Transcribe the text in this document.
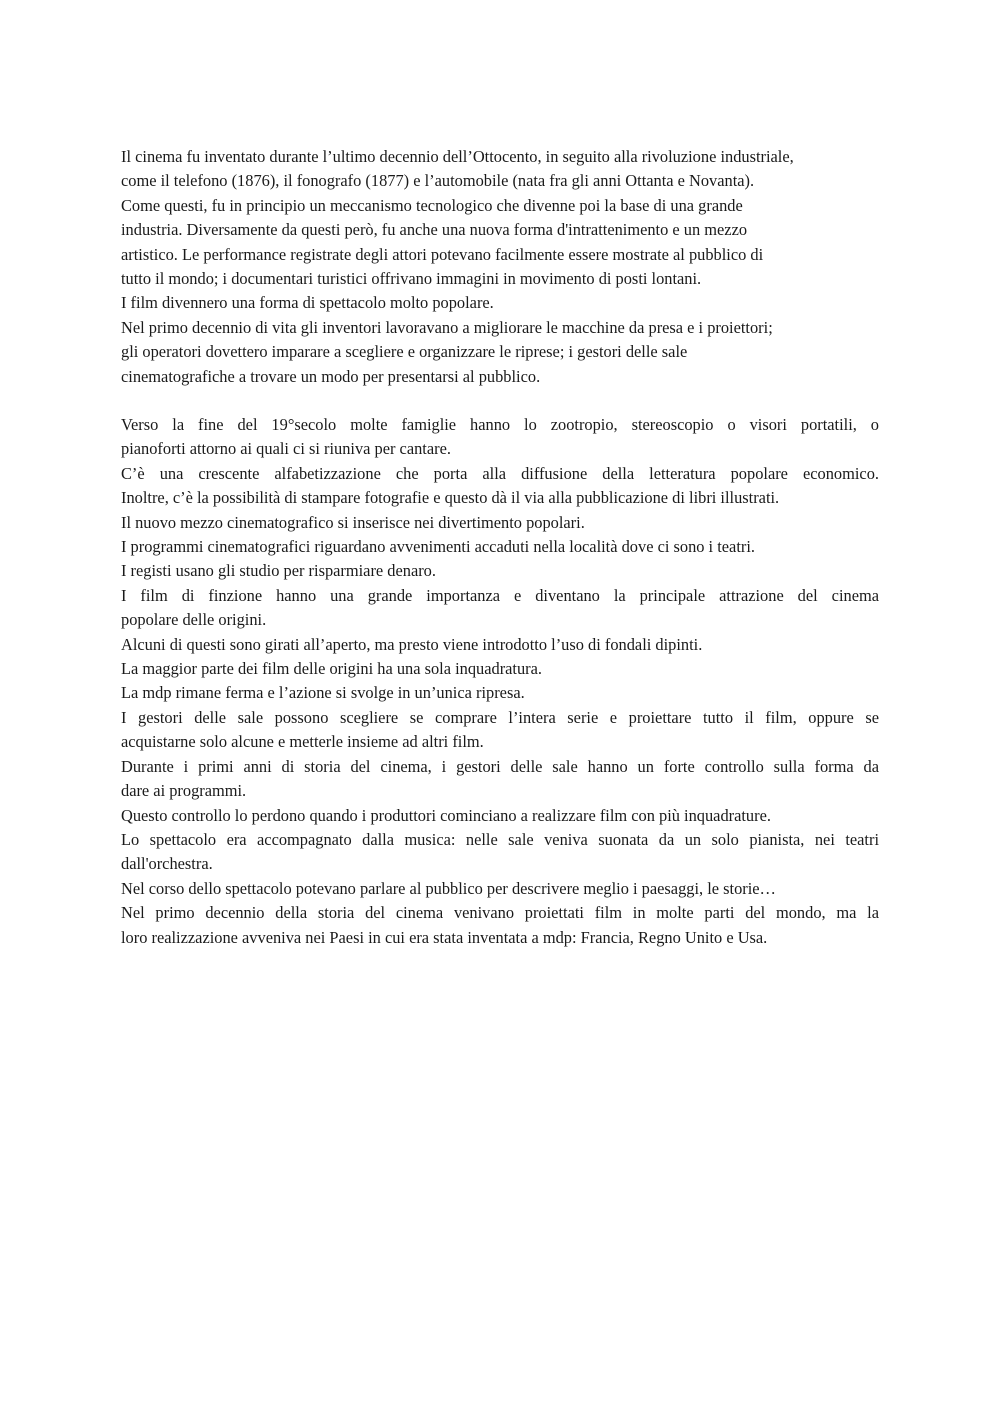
Il cinema fu inventato durante l’ultimo decennio dell’Ottocento, in seguito alla rivoluzione industriale,
come il telefono (1876), il fonografo (1877) e l’automobile (nata fra gli anni Ottanta e Novanta).
Come questi, fu in principio un meccanismo tecnologico che divenne poi la base di una grande
industria. Diversamente da questi però, fu anche una nuova forma d'intrattenimento e un mezzo
artistico. Le performance registrate degli attori potevano facilmente essere mostrate al pubblico di
tutto il mondo; i documentari turistici offrivano immagini in movimento di posti lontani.
I film divennero una forma di spettacolo molto popolare.
Nel primo decennio di vita gli inventori lavoravano a migliorare le macchine da presa e i proiettori;
gli operatori dovettero imparare a scegliere e organizzare le riprese; i gestori delle sale
cinematografiche a trovare un modo per presentarsi al pubblico.
Verso la fine del 19°secolo molte famiglie hanno lo zootropio, stereoscopio o visori portatili, o
pianoforti attorno ai quali ci si riuniva per cantare.
C’è una crescente alfabetizzazione che porta alla diffusione della letteratura popolare economico.
Inoltre, c’è la possibilità di stampare fotografie e questo dà il via alla pubblicazione di libri illustrati.
Il nuovo mezzo cinematografico si inserisce nei divertimento popolari.
I programmi cinematografici riguardano avvenimenti accaduti nella località dove ci sono i teatri.
I registi usano gli studio per risparmiare denaro.
I film di finzione hanno una grande importanza e diventano la principale attrazione del cinema
popolare delle origini.
Alcuni di questi sono girati all’aperto, ma presto viene introdotto l’uso di fondali dipinti.
La maggior parte dei film delle origini ha una sola inquadratura.
La mdp rimane ferma e l’azione si svolge in un’unica ripresa.
I gestori delle sale possono scegliere se comprare l’intera serie e proiettare tutto il film, oppure se
acquistarne solo alcune e metterle insieme ad altri film.
Durante i primi anni di storia del cinema, i gestori delle sale hanno un forte controllo sulla forma da
dare ai programmi.
Questo controllo lo perdono quando i produttori cominciano a realizzare film con più inquadrature.
Lo spettacolo era accompagnato dalla musica: nelle sale veniva suonata da un solo pianista, nei teatri
dall'orchestra.
Nel corso dello spettacolo potevano parlare al pubblico per descrivere meglio i paesaggi, le storie…
Nel primo decennio della storia del cinema venivano proiettati film in molte parti del mondo, ma la
loro realizzazione avveniva nei Paesi in cui era stata inventata a mdp: Francia, Regno Unito e Usa.
